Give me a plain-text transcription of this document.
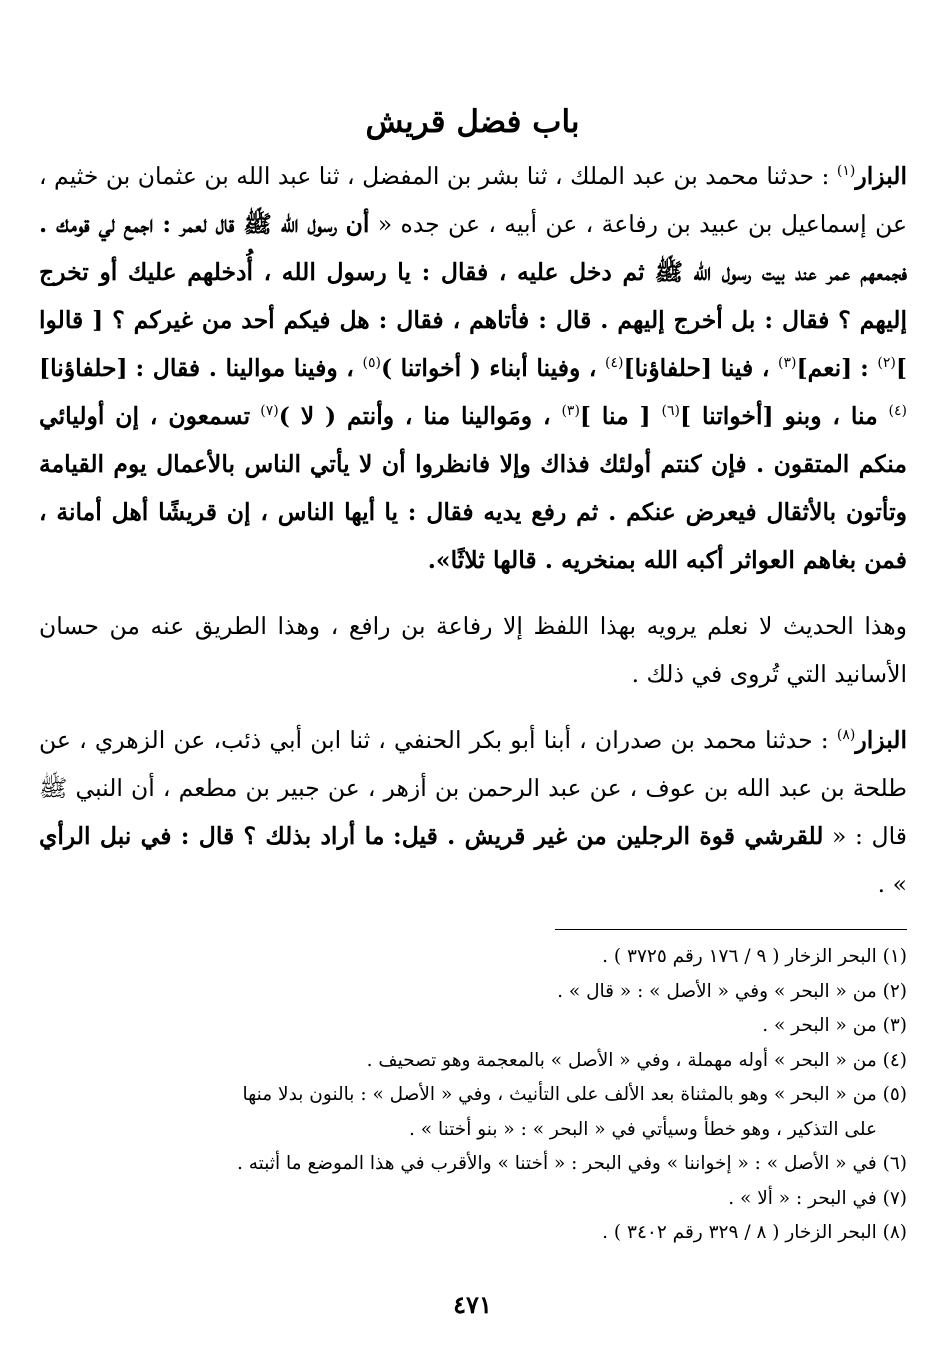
باب فضل قريش

البزار$^{(١)}$ : حدثنا محمد بن عبد الملك ، ثنا بشر بن المفضل ، ثنا عبد الله بن عثمان بن خثيم ، عن إسماعيل بن عبيد بن رفاعة ، عن أبيه ، عن جده « أن رسول الله ﷺ قال لعمر : اجمع لي قومك . فجمعهم عمر عند بيت رسول الله ﷺ ثم دخل عليه ، فقال : يا رسول الله ، أُدخلهم عليك أو تخرج إليهم ؟ فقال : بل أخرج إليهم . قال : فأتاهم ، فقال : هل فيكم أحد من غيركم ؟ [ قالوا ]$^{(٢)}$ : [نعم]$^{(٣)}$ ، فينا [حلفاؤنا]$^{(٤)}$ ، وفينا أبناء ( أخواتنا )$^{(٥)}$ ، وفينا موالينا . فقال : [حلفاؤنا]$^{(٤)}$ منا ، وبنو [أخواتنا ]$^{(٦)}$ [ منا ]$^{(٣)}$ ، ومَوالينا منا ، وأنتم ( لا )$^{(٧)}$ تسمعون ، إن أوليائي منكم المتقون . فإن كنتم أولئك فذاك وإلا فانظروا أن لا يأتي الناس بالأعمال يوم القيامة وتأتون بالأثقال فيعرض عنكم . ثم رفع يديه فقال : يا أيها الناس ، إن قريشًا أهل أمانة ، فمن بغاهم العواثر أكبه الله بمنخريه . قالها ثلاثًا».

وهذا الحديث لا نعلم يرويه بهذا اللفظ إلا رفاعة بن رافع ، وهذا الطريق عنه من حسان الأسانيد التي تُروى في ذلك .

البزار$^{(٨)}$ : حدثنا محمد بن صدران ، أبنا أبو بكر الحنفي ، ثنا ابن أبي ذئب، عن الزهري ، عن طلحة بن عبد الله بن عوف ، عن عبد الرحمن بن أزهر ، عن جبير بن مطعم ، أن النبي ﷺ قال : « للقرشي قوة الرجلين من غير قريش . قيل: ما أراد بذلك ؟ قال : في نبل الرأي » .

(١) البحر الزخار ( ٩ / ١٧٦ رقم ٣٧٢٥ ) .

(٢) من « البحر » وفي « الأصل » : « قال » .

(٣) من « البحر » .

(٤) من « البحر » أوله مهملة ، وفي « الأصل » بالمعجمة وهو تصحيف .

(٥) من « البحر » وهو بالمثناة بعد الألف على التأنيث ، وفي « الأصل » : بالنون بدلا منها

على التذكير ، وهو خطأ وسيأتي في « البحر » : « بنو أختنا » .

(٦) في « الأصل » : « إخواننا » وفي البحر : « أختنا » والأقرب في هذا الموضع ما أثبته .

(٧) في البحر : « ألا » .

(٨) البحر الزخار ( ٨ / ٣٢٩ رقم ٣٤٠٢ ) .

٤٧١
